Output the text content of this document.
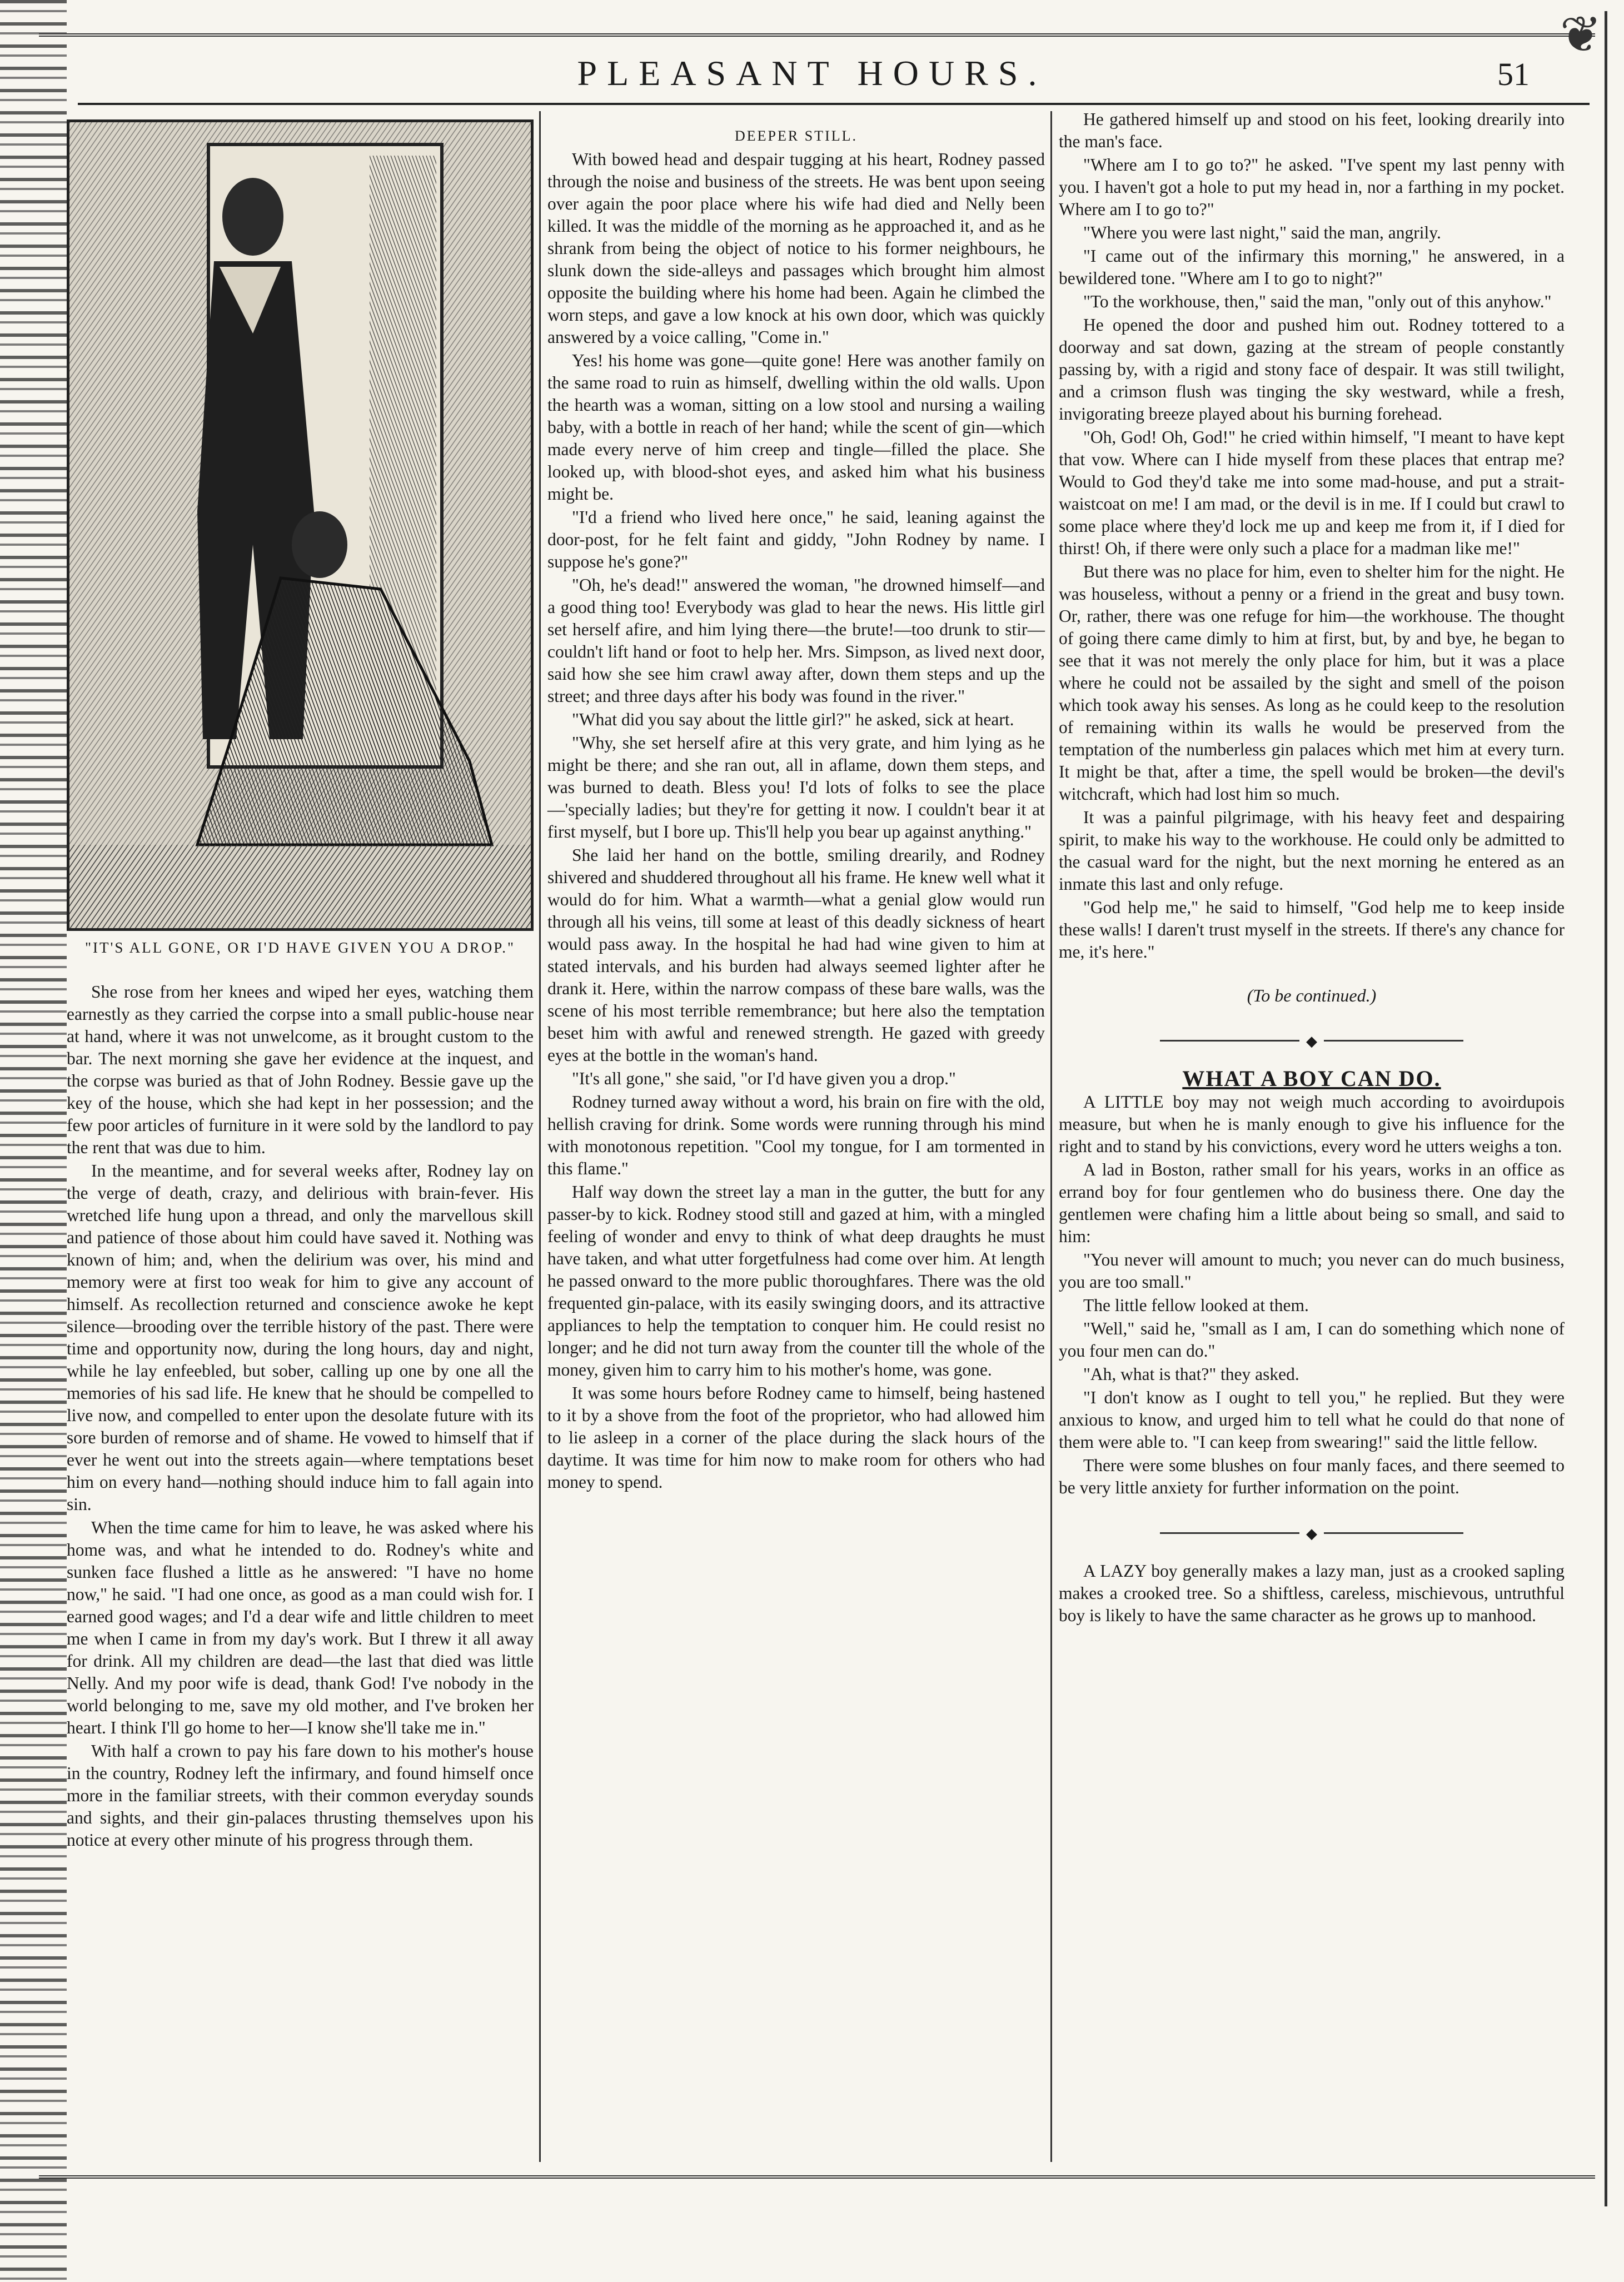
❦
PLEASANT HOURS.	51
"IT'S ALL GONE, OR I'D HAVE GIVEN YOU A DROP."

She rose from her knees and wiped her eyes, watching them earnestly as they carried the corpse into a small public-house near at hand, where it was not unwelcome, as it brought custom to the bar. The next morning she gave her evidence at the inquest, and the corpse was buried as that of John Rodney. Bessie gave up the key of the house, which she had kept in her possession; and the few poor articles of furniture in it were sold by the landlord to pay the rent that was due to him.

In the meantime, and for several weeks after, Rodney lay on the verge of death, crazy, and delirious with brain-fever. His wretched life hung upon a thread, and only the marvellous skill and patience of those about him could have saved it. Nothing was known of him; and, when the delirium was over, his mind and memory were at first too weak for him to give any account of himself. As recollection returned and conscience awoke he kept silence—brooding over the terrible history of the past. There were time and opportunity now, during the long hours, day and night, while he lay enfeebled, but sober, calling up one by one all the memories of his sad life. He knew that he should be compelled to live now, and compelled to enter upon the desolate future with its sore burden of remorse and of shame. He vowed to himself that if ever he went out into the streets again—where temptations beset him on every hand—nothing should induce him to fall again into sin.

When the time came for him to leave, he was asked where his home was, and what he intended to do. Rodney's white and sunken face flushed a little as he answered: "I have no home now," he said. "I had one once, as good as a man could wish for. I earned good wages; and I'd a dear wife and little children to meet me when I came in from my day's work. But I threw it all away for drink. All my children are dead—the last that died was little Nelly. And my poor wife is dead, thank God! I've nobody in the world belonging to me, save my old mother, and I've broken her heart. I think I'll go home to her—I know she'll take me in."

With half a crown to pay his fare down to his mother's house in the country, Rodney left the infirmary, and found himself once more in the familiar streets, with their common everyday sounds and sights, and their gin-palaces thrusting themselves upon his notice at every other minute of his progress through them.

DEEPER STILL.

With bowed head and despair tugging at his heart, Rodney passed through the noise and business of the streets. He was bent upon seeing over again the poor place where his wife had died and Nelly been killed. It was the middle of the morning as he approached it, and as he shrank from being the object of notice to his former neighbours, he slunk down the side-alleys and passages which brought him almost opposite the building where his home had been. Again he climbed the worn steps, and gave a low knock at his own door, which was quickly answered by a voice calling, "Come in."

Yes! his home was gone—quite gone! Here was another family on the same road to ruin as himself, dwelling within the old walls. Upon the hearth was a woman, sitting on a low stool and nursing a wailing baby, with a bottle in reach of her hand; while the scent of gin—which made every nerve of him creep and tingle—filled the place. She looked up, with blood-shot eyes, and asked him what his business might be.

"I'd a friend who lived here once," he said, leaning against the door-post, for he felt faint and giddy, "John Rodney by name. I suppose he's gone?"

"Oh, he's dead!" answered the woman, "he drowned himself—and a good thing too! Everybody was glad to hear the news. His little girl set herself afire, and him lying there—the brute!—too drunk to stir—couldn't lift hand or foot to help her. Mrs. Simpson, as lived next door, said how she see him crawl away after, down them steps and up the street; and three days after his body was found in the river."

"What did you say about the little girl?" he asked, sick at heart.

"Why, she set herself afire at this very grate, and him lying as he might be there; and she ran out, all in aflame, down them steps, and was burned to death. Bless you! I'd lots of folks to see the place—'specially ladies; but they're for getting it now. I couldn't bear it at first myself, but I bore up. This'll help you bear up against anything."

She laid her hand on the bottle, smiling drearily, and Rodney shivered and shuddered throughout all his frame. He knew well what it would do for him. What a warmth—what a genial glow would run through all his veins, till some at least of this deadly sickness of heart would pass away. In the hospital he had had wine given to him at stated intervals, and his burden had always seemed lighter after he drank it. Here, within the narrow compass of these bare walls, was the scene of his most terrible remembrance; but here also the temptation beset him with awful and renewed strength. He gazed with greedy eyes at the bottle in the woman's hand.

"It's all gone," she said, "or I'd have given you a drop."

Rodney turned away without a word, his brain on fire with the old, hellish craving for drink. Some words were running through his mind with monotonous repetition. "Cool my tongue, for I am tormented in this flame."

Half way down the street lay a man in the gutter, the butt for any passer-by to kick. Rodney stood still and gazed at him, with a mingled feeling of wonder and envy to think of what deep draughts he must have taken, and what utter forgetfulness had come over him. At length he passed onward to the more public thoroughfares. There was the old frequented gin-palace, with its easily swinging doors, and its attractive appliances to help the temptation to conquer him. He could resist no longer; and he did not turn away from the counter till the whole of the money, given him to carry him to his mother's home, was gone.

It was some hours before Rodney came to himself, being hastened to it by a shove from the foot of the proprietor, who had allowed him to lie asleep in a corner of the place during the slack hours of the daytime. It was time for him now to make room for others who had money to spend.

He gathered himself up and stood on his feet, looking drearily into the man's face.

"Where am I to go to?" he asked. "I've spent my last penny with you. I haven't got a hole to put my head in, nor a farthing in my pocket. Where am I to go to?"

"Where you were last night," said the man, angrily.

"I came out of the infirmary this morning," he answered, in a bewildered tone. "Where am I to go to night?"

"To the workhouse, then," said the man, "only out of this anyhow."

He opened the door and pushed him out. Rodney tottered to a doorway and sat down, gazing at the stream of people constantly passing by, with a rigid and stony face of despair. It was still twilight, and a crimson flush was tinging the sky westward, while a fresh, invigorating breeze played about his burning forehead.

"Oh, God! Oh, God!" he cried within himself, "I meant to have kept that vow. Where can I hide myself from these places that entrap me? Would to God they'd take me into some mad-house, and put a strait-waistcoat on me! I am mad, or the devil is in me. If I could but crawl to some place where they'd lock me up and keep me from it, if I died for thirst! Oh, if there were only such a place for a madman like me!"

But there was no place for him, even to shelter him for the night. He was houseless, without a penny or a friend in the great and busy town. Or, rather, there was one refuge for him—the workhouse. The thought of going there came dimly to him at first, but, by and bye, he began to see that it was not merely the only place for him, but it was a place where he could not be assailed by the sight and smell of the poison which took away his senses. As long as he could keep to the resolution of remaining within its walls he would be preserved from the temptation of the numberless gin palaces which met him at every turn. It might be that, after a time, the spell would be broken—the devil's witchcraft, which had lost him so much.

It was a painful pilgrimage, with his heavy feet and despairing spirit, to make his way to the workhouse. He could only be admitted to the casual ward for the night, but the next morning he entered as an inmate this last and only refuge.

"God help me," he said to himself, "God help me to keep inside these walls! I daren't trust myself in the streets. If there's any chance for me, it's here."

(To be continued.)

◆

WHAT A BOY CAN DO.

A LITTLE boy may not weigh much according to avoirdupois measure, but when he is manly enough to give his influence for the right and to stand by his convictions, every word he utters weighs a ton.

A lad in Boston, rather small for his years, works in an office as errand boy for four gentlemen who do business there. One day the gentlemen were chafing him a little about being so small, and said to him:

"You never will amount to much; you never can do much business, you are too small."

The little fellow looked at them.

"Well," said he, "small as I am, I can do something which none of you four men can do."

"Ah, what is that?" they asked.

"I don't know as I ought to tell you," he replied. But they were anxious to know, and urged him to tell what he could do that none of them were able to. "I can keep from swearing!" said the little fellow.

There were some blushes on four manly faces, and there seemed to be very little anxiety for further information on the point.

◆

A LAZY boy generally makes a lazy man, just as a crooked sapling makes a crooked tree. So a shiftless, careless, mischievous, untruthful boy is likely to have the same character as he grows up to manhood.
